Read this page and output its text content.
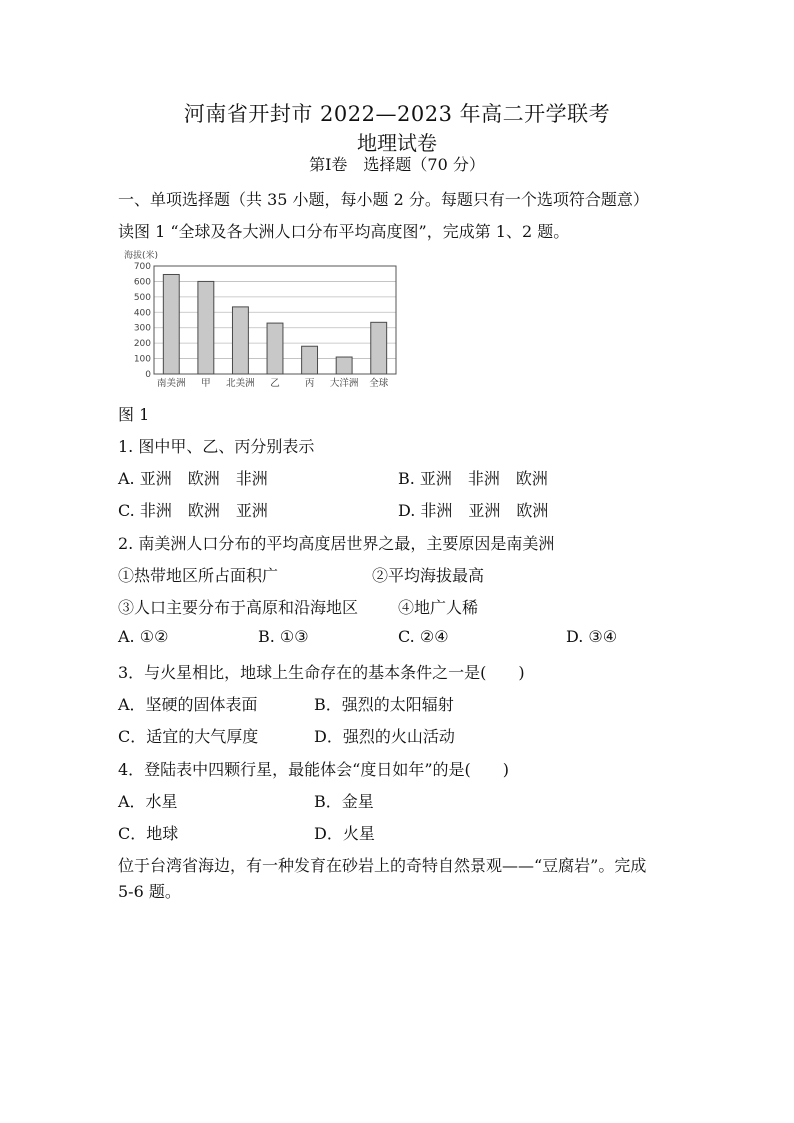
河南省开封市 2022—2023 年高二开学联考
地理试卷
第Ⅰ卷　选择题（70 分）
一、单项选择题（共 35 小题，每小题 2 分。每题只有一个选项符合题意）
读图 1 “全球及各大洲人口分布平均高度图”，完成第 1、2 题。
海拔(米)
0
100
200
300
400
500
600
700
南美洲 甲 北美洲 乙	丙 大洋洲 全球
图 1
1. 图中甲、乙、丙分别表示
A. 亚洲　欧洲　非洲	B. 亚洲　非洲　欧洲
C. 非洲　欧洲　亚洲	D. 非洲　亚洲　欧洲
2. 南美洲人口分布的平均高度居世界之最，主要原因是南美洲
①热带地区所占面积广	②平均海拔最高
③人口主要分布于高原和沿海地区 ④地广人稀
A. ①②	B. ①③	C. ②④	D. ③④
3．与火星相比，地球上生命存在的基本条件之一是(　　)
A．坚硬的固体表面	B．强烈的太阳辐射
C．适宜的大气厚度	D．强烈的火山活动
4．登陆表中四颗行星，最能体会“度日如年”的是(　　)
A．水星	B．金星
C．地球	D．火星
位于台湾省海边，有一种发育在砂岩上的奇特自然景观——“豆腐岩”。完成
5-6 题。
